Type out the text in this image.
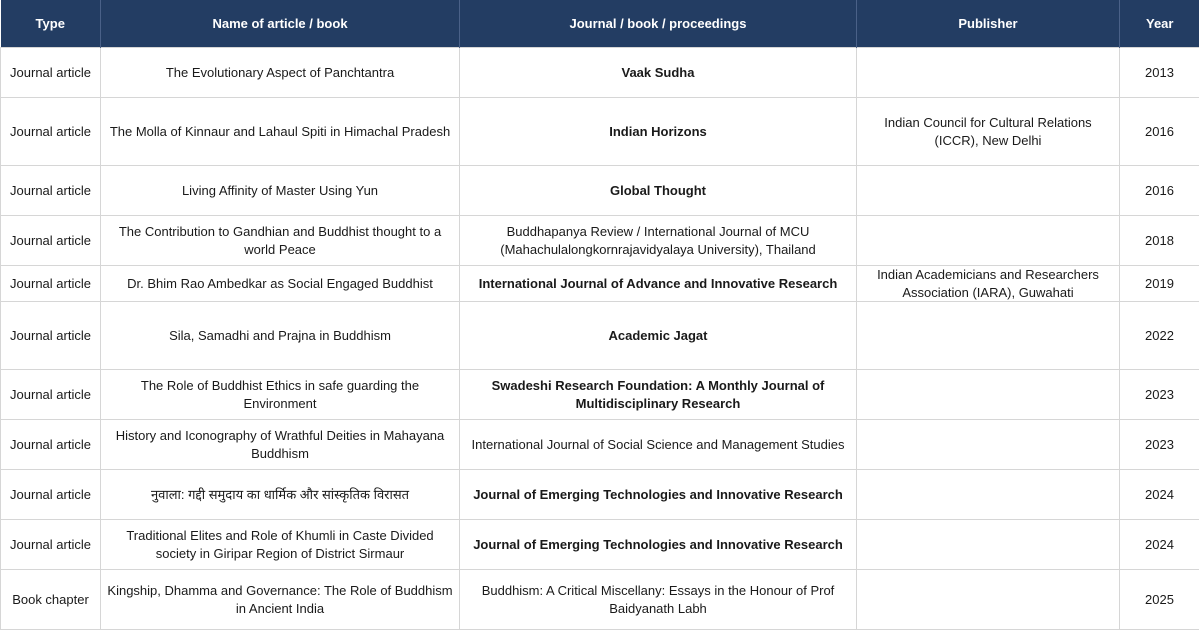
Type	Name of article / book	Journal / book / proceedings	Publisher	Year
Journal article	The Evolutionary Aspect of Panchtantra	Vaak Sudha		2013
Journal article	The Molla of Kinnaur and Lahaul Spiti in Himachal Pradesh	Indian Horizons	Indian Council for Cultural Relations (ICCR), New Delhi	2016
Journal article	Living Affinity of Master Using Yun	Global Thought		2016
Journal article	The Contribution to Gandhian and Buddhist thought to a world Peace	Buddhapanya Review / International Journal of MCU (Mahachulalongkornrajavidyalaya University), Thailand		2018
Journal article	Dr. Bhim Rao Ambedkar as Social Engaged Buddhist	International Journal of Advance and Innovative Research	Indian Academicians and Researchers Association (IARA), Guwahati	2019
Journal article	Sila, Samadhi and Prajna in Buddhism	Academic Jagat		2022
Journal article	The Role of Buddhist Ethics in safe guarding the Environment	Swadeshi Research Foundation: A Monthly Journal of Multidisciplinary Research		2023
Journal article	History and Iconography of Wrathful Deities in Mahayana Buddhism	International Journal of Social Science and Management Studies		2023
Journal article	नुवाला: गद्दी समुदाय का धार्मिक और सांस्कृतिक विरासत	Journal of Emerging Technologies and Innovative Research		2024
Journal article	Traditional Elites and Role of Khumli in Caste Divided society in Giripar Region of District Sirmaur	Journal of Emerging Technologies and Innovative Research		2024
Book chapter	Kingship, Dhamma and Governance: The Role of Buddhism in Ancient India	Buddhism: A Critical Miscellany: Essays in the Honour of Prof Baidyanath Labh		2025
